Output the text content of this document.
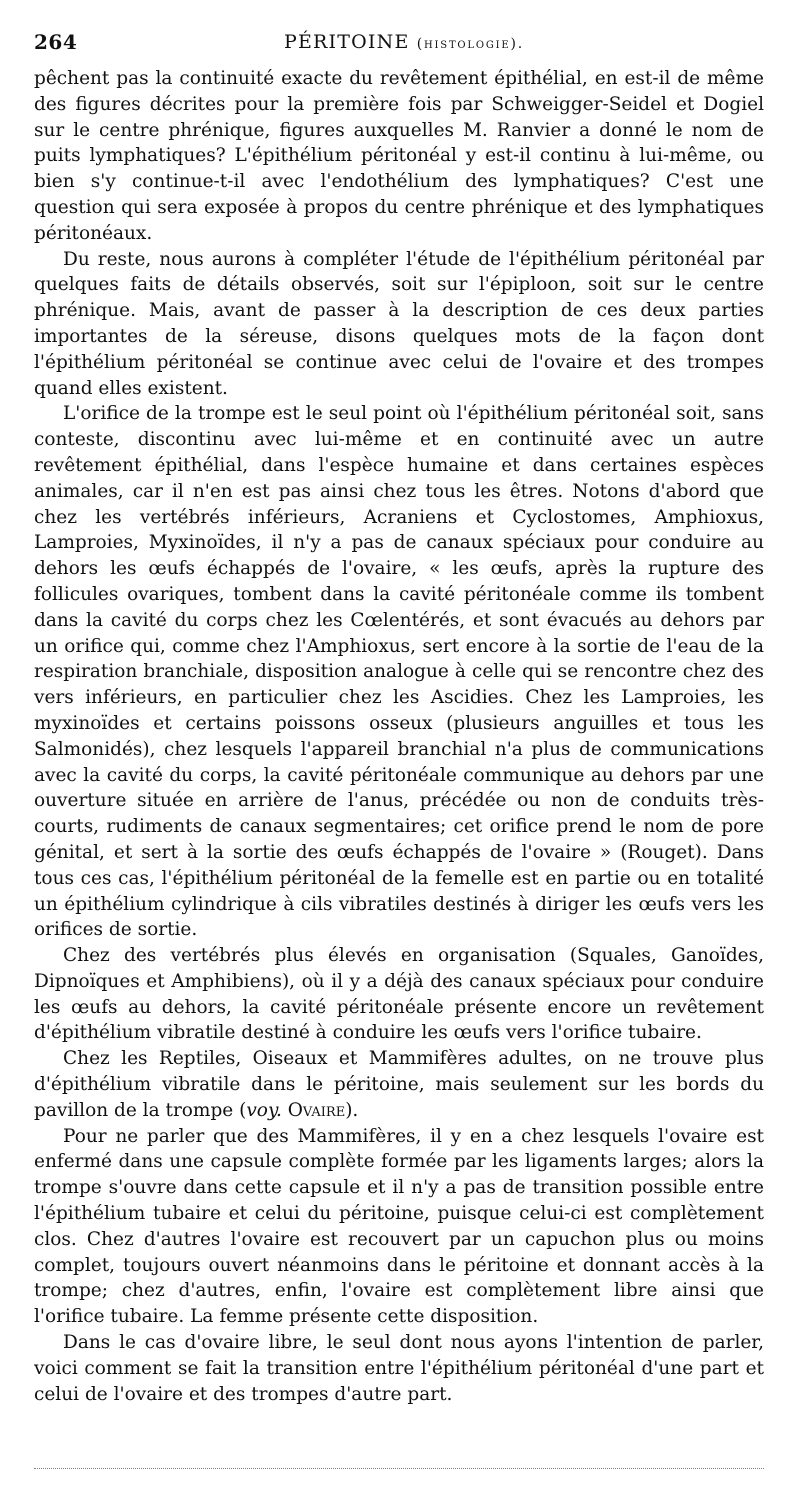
264	PÉRITOINE (histologie).

pêchent pas la continuité exacte du revêtement épithélial, en est-il de même des figures décrites pour la première fois par Schweigger-Seidel et Dogiel sur le centre phrénique, figures auxquelles M. Ranvier a donné le nom de puits lymphatiques? L'épithélium péritonéal y est-il continu à lui-même, ou bien s'y continue-t-il avec l'endothélium des lymphatiques? C'est une question qui sera exposée à propos du centre phrénique et des lymphatiques péritonéaux.

Du reste, nous aurons à compléter l'étude de l'épithélium péritonéal par quelques faits de détails observés, soit sur l'épiploon, soit sur le centre phrénique. Mais, avant de passer à la description de ces deux parties importantes de la séreuse, disons quelques mots de la façon dont l'épithélium péritonéal se continue avec celui de l'ovaire et des trompes quand elles existent.

L'orifice de la trompe est le seul point où l'épithélium péritonéal soit, sans conteste, discontinu avec lui-même et en continuité avec un autre revêtement épithélial, dans l'espèce humaine et dans certaines espèces animales, car il n'en est pas ainsi chez tous les êtres. Notons d'abord que chez les vertébrés inférieurs, Acraniens et Cyclostomes, Amphioxus, Lamproies, Myxinoïdes, il n'y a pas de canaux spéciaux pour conduire au dehors les œufs échappés de l'ovaire, « les œufs, après la rupture des follicules ovariques, tombent dans la cavité péritonéale comme ils tombent dans la cavité du corps chez les Cœlentérés, et sont évacués au dehors par un orifice qui, comme chez l'Amphioxus, sert encore à la sortie de l'eau de la respiration branchiale, disposition analogue à celle qui se rencontre chez des vers inférieurs, en particulier chez les Ascidies. Chez les Lamproies, les myxinoïdes et certains poissons osseux (plusieurs anguilles et tous les Salmonidés), chez lesquels l'appareil branchial n'a plus de communications avec la cavité du corps, la cavité péritonéale communique au dehors par une ouverture située en arrière de l'anus, précédée ou non de conduits très-courts, rudiments de canaux segmentaires; cet orifice prend le nom de pore génital, et sert à la sortie des œufs échappés de l'ovaire » (Rouget). Dans tous ces cas, l'épithélium péritonéal de la femelle est en partie ou en totalité un épithélium cylindrique à cils vibratiles destinés à diriger les œufs vers les orifices de sortie.

Chez des vertébrés plus élevés en organisation (Squales, Ganoïdes, Dipnoïques et Amphibiens), où il y a déjà des canaux spéciaux pour conduire les œufs au dehors, la cavité péritonéale présente encore un revêtement d'épithélium vibratile destiné à conduire les œufs vers l'orifice tubaire.

Chez les Reptiles, Oiseaux et Mammifères adultes, on ne trouve plus d'épithélium vibratile dans le péritoine, mais seulement sur les bords du pavillon de la trompe (voy. Ovaire).

Pour ne parler que des Mammifères, il y en a chez lesquels l'ovaire est enfermé dans une capsule complète formée par les ligaments larges; alors la trompe s'ouvre dans cette capsule et il n'y a pas de transition possible entre l'épithélium tubaire et celui du péritoine, puisque celui-ci est complètement clos. Chez d'autres l'ovaire est recouvert par un capuchon plus ou moins complet, toujours ouvert néanmoins dans le péritoine et donnant accès à la trompe; chez d'autres, enfin, l'ovaire est complètement libre ainsi que l'orifice tubaire. La femme présente cette disposition.

Dans le cas d'ovaire libre, le seul dont nous ayons l'intention de parler, voici comment se fait la transition entre l'épithélium péritonéal d'une part et celui de l'ovaire et des trompes d'autre part.
